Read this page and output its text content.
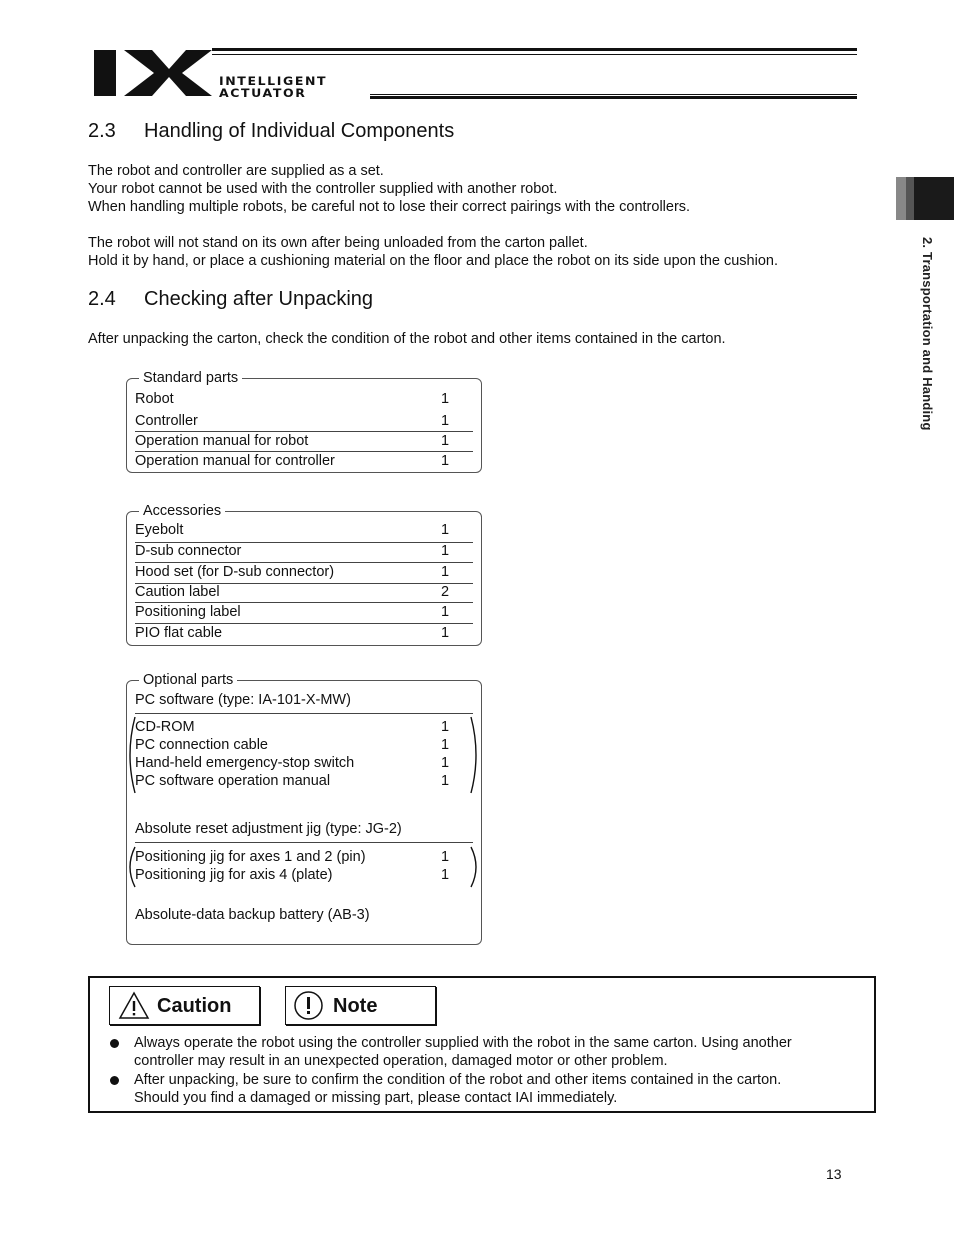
INTELLIGENT
ACTUATOR
2. Transportation and Handing
2.3 Handling of Individual Components
The robot and controller are supplied as a set.
Your robot cannot be used with the controller supplied with another robot.
When handling multiple robots, be careful not to lose their correct pairings with the controllers.
The robot will not stand on its own after being unloaded from the carton pallet.
Hold it by hand, or place a cushioning material on the floor and place the robot on its side upon the cushion.
2.4 Checking after Unpacking
After unpacking the carton, check the condition of the robot and other items contained in the carton.
Standard parts
Robot	1
Controller	1
Operation manual for robot	1
Operation manual for controller	1
Accessories
Eyebolt	1
D-sub connector	1
Hood set (for D-sub connector)	1
Caution label	2
Positioning label	1
PIO flat cable	1
Optional parts
PC software (type: IA-101-X-MW)
CD-ROM	1
PC connection cable	1
Hand-held emergency-stop switch	1
PC software operation manual	1
Absolute reset adjustment jig (type: JG-2)
Positioning jig for axes 1 and 2 (pin)	1
Positioning jig for axis 4 (plate)	1
Absolute-data backup battery (AB-3)
Caution	Note
Always operate the robot using the controller supplied with the robot in the same carton. Using another
controller may result in an unexpected operation, damaged motor or other problem.
After unpacking, be sure to confirm the condition of the robot and other items contained in the carton.
Should you find a damaged or missing part, please contact IAI immediately.
13
